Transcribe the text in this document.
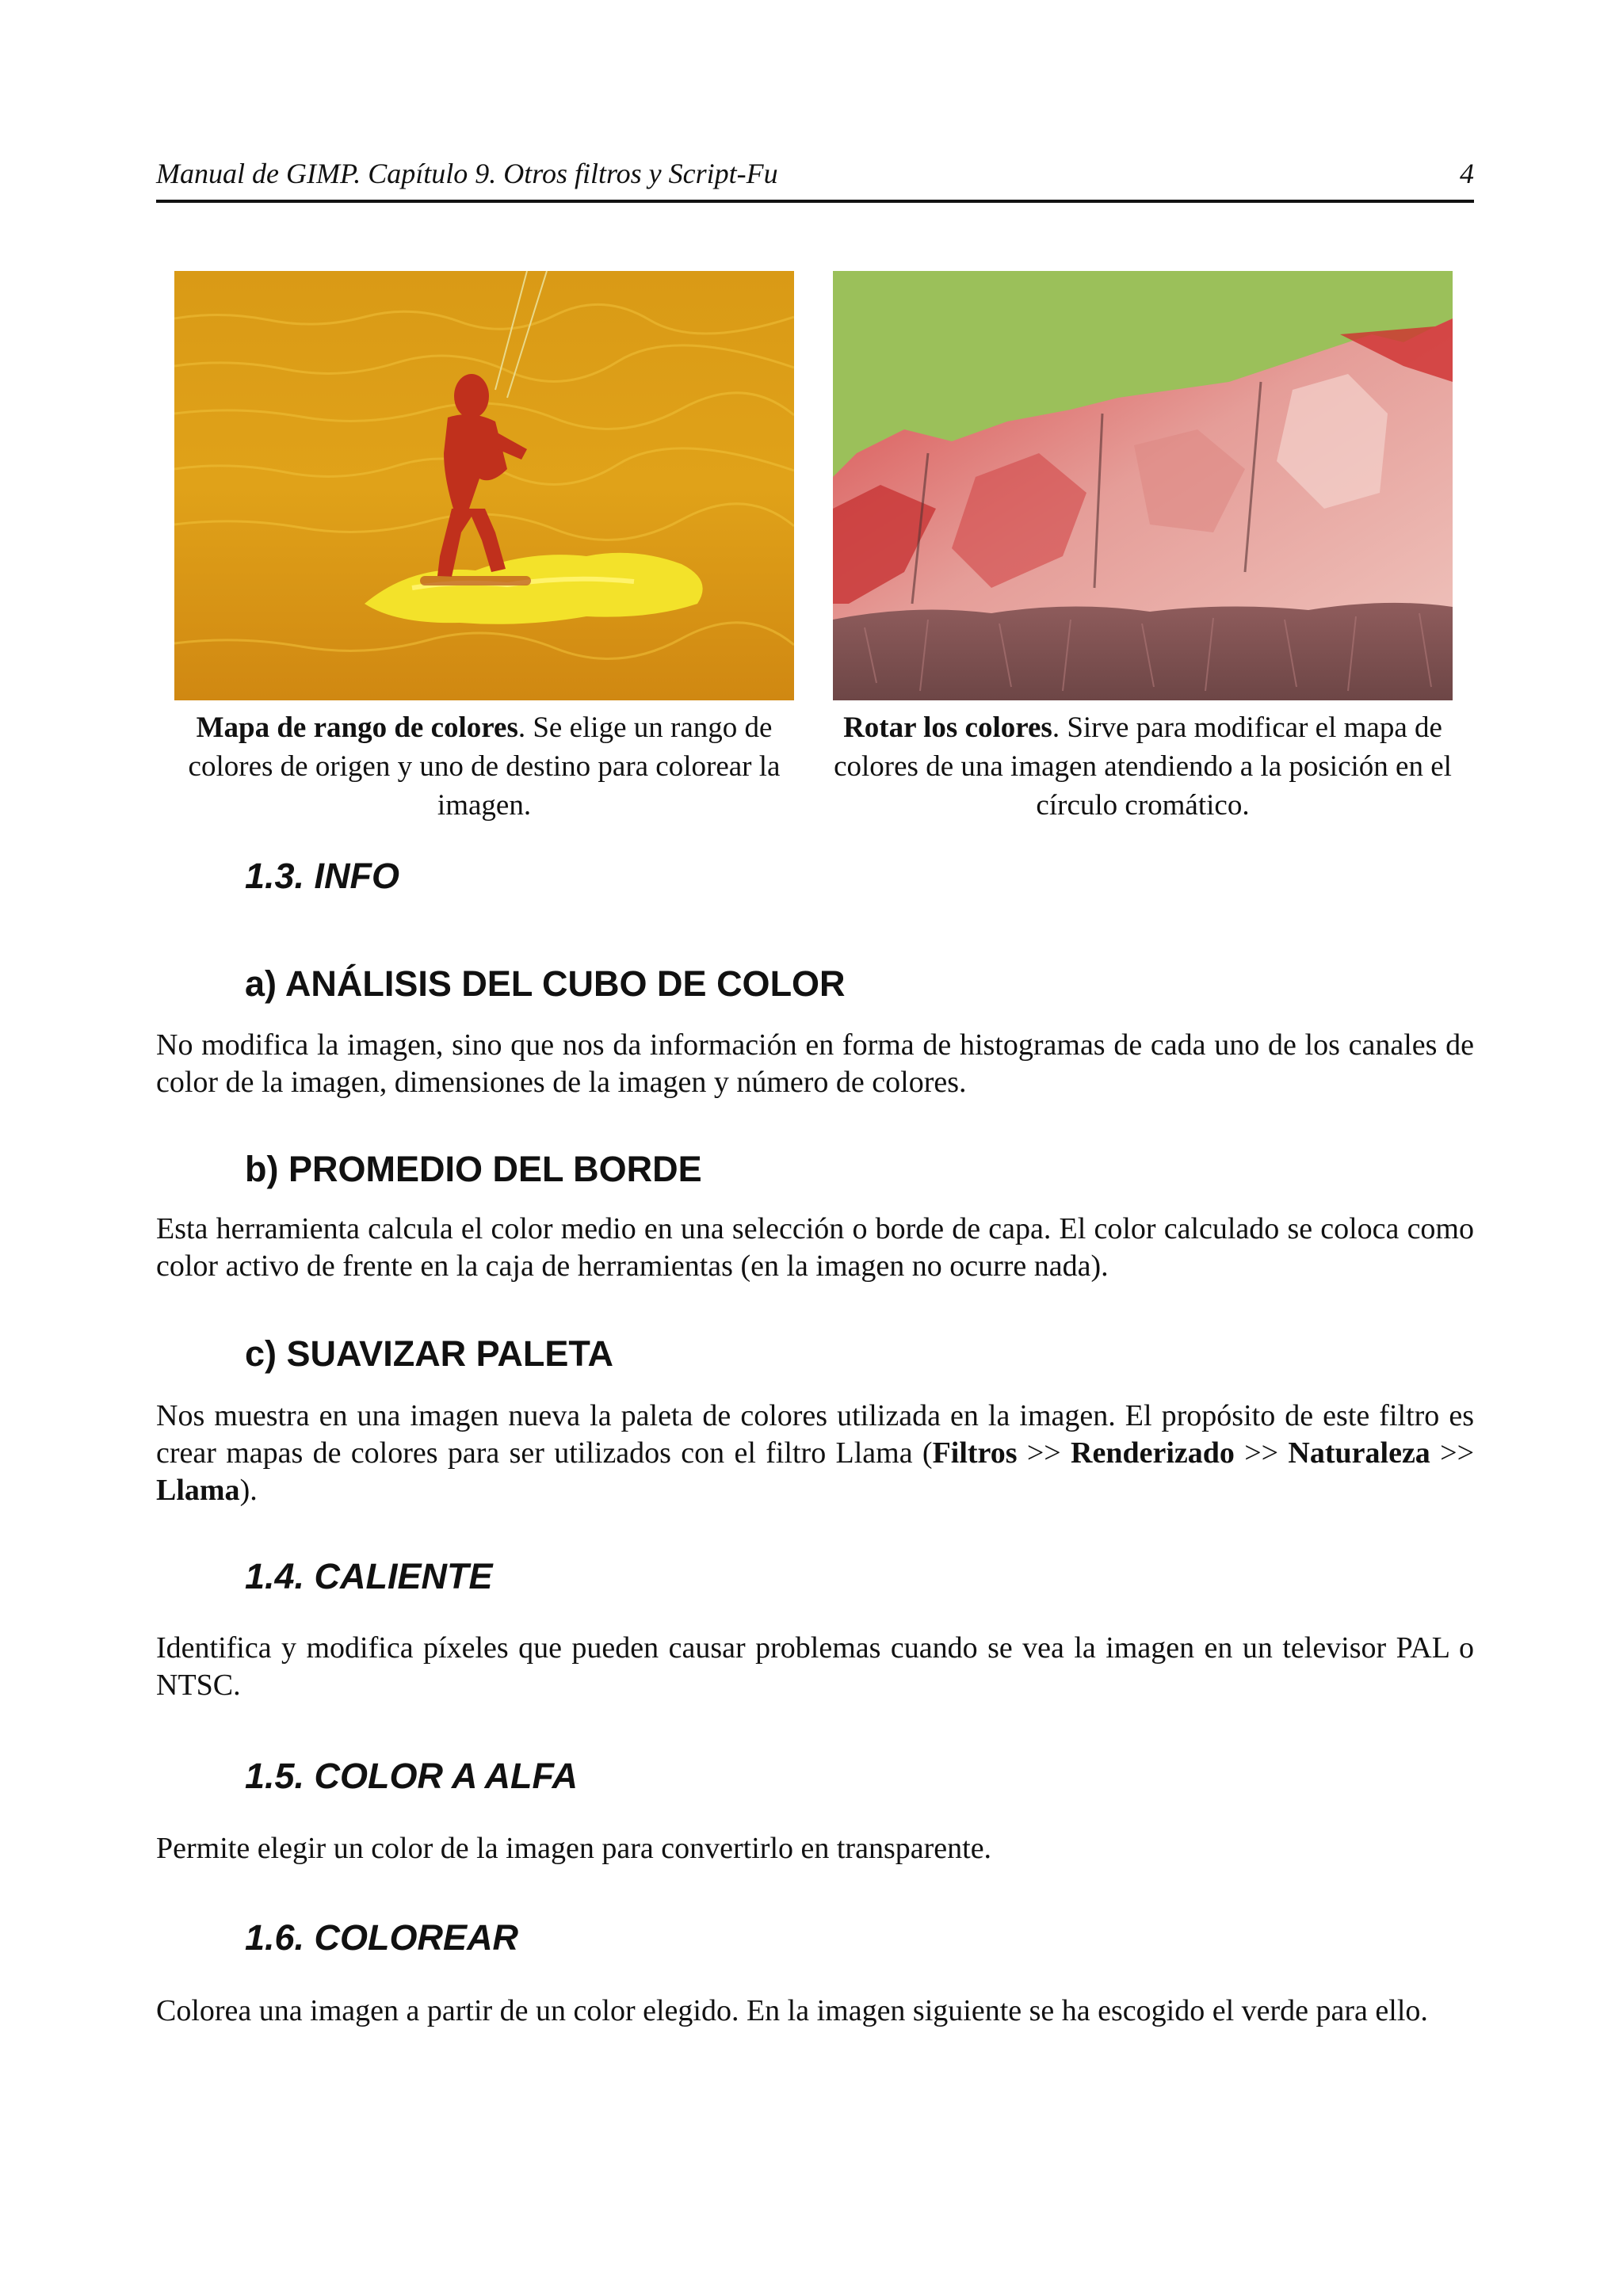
Manual de GIMP. Capítulo 9. Otros filtros y Script-Fu	4
Mapa de rango de colores. Se elige un rango de colores de origen y uno de destino para colorear la imagen.
Rotar los colores. Sirve para modificar el mapa de colores de una imagen atendiendo a la posición en el círculo cromático.
1.3. INFO
a) ANÁLISIS DEL CUBO DE COLOR

No modifica la imagen, sino que nos da información en forma de histogramas de cada uno de los canales de color de la imagen, dimensiones de la imagen y número de colores.

b) PROMEDIO DEL BORDE

Esta herramienta calcula el color medio en una selección o borde de capa. El color calculado se coloca como color activo de frente en la caja de herramientas (en la imagen no ocurre nada).

c) SUAVIZAR PALETA

Nos muestra en una imagen nueva la paleta de colores utilizada en la imagen. El propósito de este filtro es crear mapas de colores para ser utilizados con el filtro Llama (Filtros >> Renderizado >> Naturaleza >> Llama).

1.4. CALIENTE

Identifica y modifica píxeles que pueden causar problemas cuando se vea la imagen en un televisor PAL o NTSC.

1.5. COLOR A ALFA

Permite elegir un color de la imagen para convertirlo en transparente.

1.6. COLOREAR

Colorea una imagen a partir de un color elegido. En la imagen siguiente se ha escogido el verde para ello.
